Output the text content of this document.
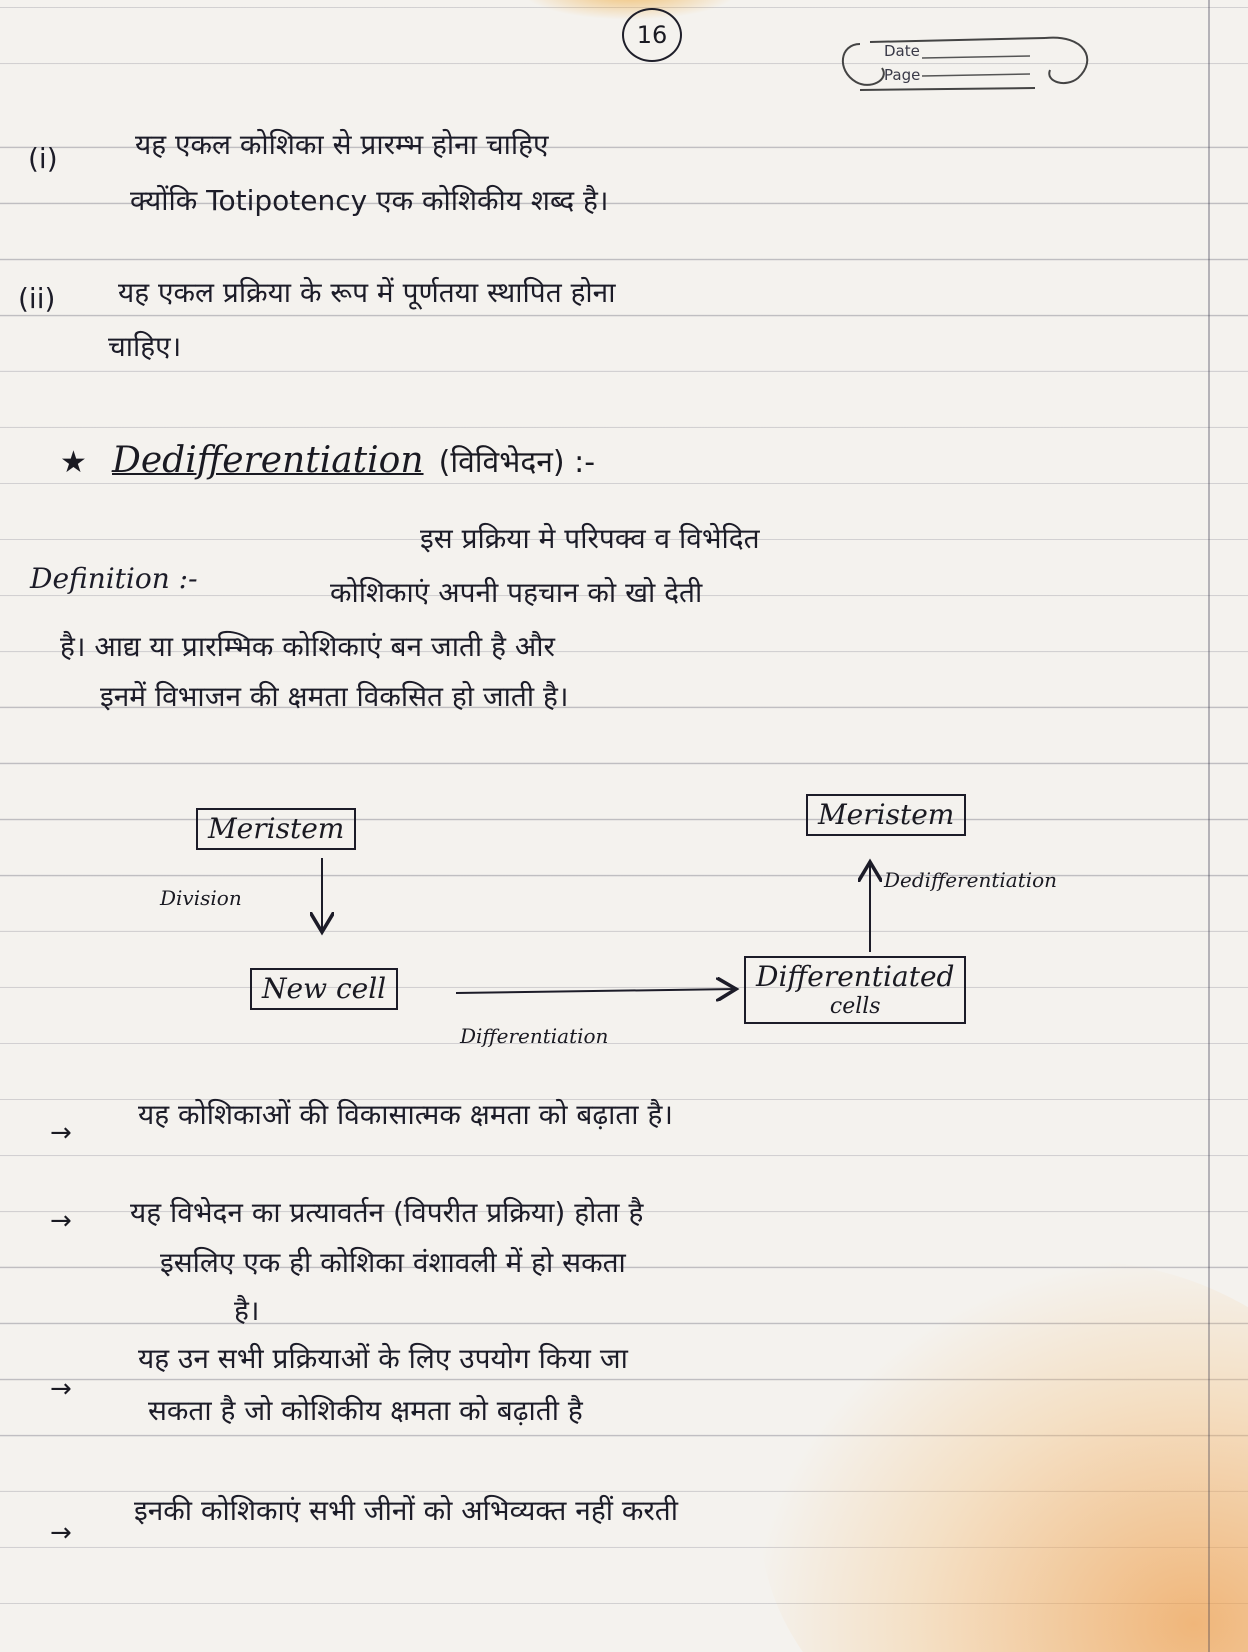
16
Date
Page
(i)	यह एकल कोशिका से प्रारम्भ होना चाहिए
क्योंकि Totipotency एक कोशिकीय शब्द है।
(ii) यह एकल प्रक्रिया के रूप में पूर्णतया स्थापित होना
चाहिए।
★ Dedifferentiation (विविभेदन) :-
Definition :-
इस प्रक्रिया मे परिपक्व व विभेदित
कोशिकाएं अपनी पहचान को खो देती
है। आद्य या प्रारम्भिक कोशिकाएं बन जाती है और
इनमें विभाजन की क्षमता विकसित हो जाती है।
Meristem	Meristem
New cell	Differentiated
cells
Division
Differentiation
Dedifferentiation
→
यह कोशिकाओं की विकासात्मक क्षमता को बढ़ाता है।
→ यह विभेदन का प्रत्यावर्तन (विपरीत प्रक्रिया) होता है
इसलिए एक ही कोशिका वंशावली में हो सकता
है।
→
यह उन सभी प्रक्रियाओं के लिए उपयोग किया जा
सकता है जो कोशिकीय क्षमता को बढ़ाती है
→
इनकी कोशिकाएं सभी जीनों को अभिव्यक्त नहीं करती
